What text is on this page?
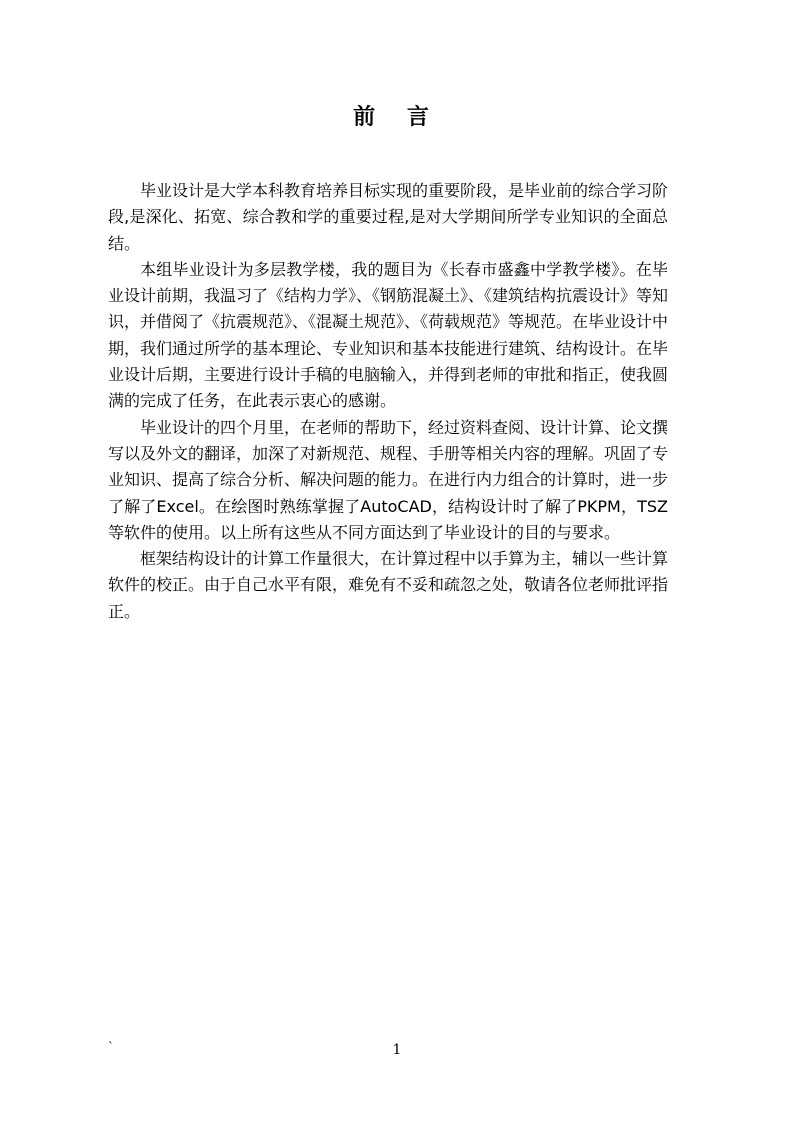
前 言

毕业设计是大学本科教育培养目标实现的重要阶段，是毕业前的综合学习阶段,是深化、拓宽、综合教和学的重要过程,是对大学期间所学专业知识的全面总结。

本组毕业设计为多层教学楼，我的题目为《长春市盛鑫中学教学楼》。在毕业设计前期，我温习了《结构力学》、《钢筋混凝土》、《建筑结构抗震设计》等知识，并借阅了《抗震规范》、《混凝土规范》、《荷载规范》等规范。在毕业设计中期，我们通过所学的基本理论、专业知识和基本技能进行建筑、结构设计。在毕业设计后期，主要进行设计手稿的电脑输入，并得到老师的审批和指正，使我圆满的完成了任务，在此表示衷心的感谢。

毕业设计的四个月里，在老师的帮助下，经过资料查阅、设计计算、论文撰写以及外文的翻译，加深了对新规范、规程、手册等相关内容的理解。巩固了专业知识、提高了综合分析、解决问题的能力。在进行内力组合的计算时，进一步了解了Excel。在绘图时熟练掌握了AutoCAD，结构设计时了解了PKPM，TSZ等软件的使用。以上所有这些从不同方面达到了毕业设计的目的与要求。

框架结构设计的计算工作量很大，在计算过程中以手算为主，辅以一些计算软件的校正。由于自己水平有限，难免有不妥和疏忽之处，敬请各位老师批评指正。

`	1
